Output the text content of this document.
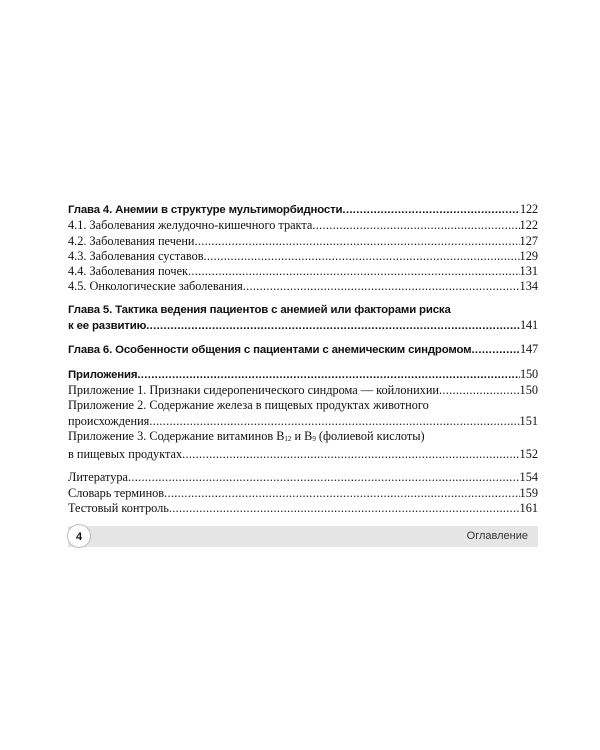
Глава 4. Анемии в структуре мультиморбидности .....	122
4.1. Заболевания желудочно-кишечного тракта .....	122
4.2. Заболевания печени .....	127
4.3. Заболевания суставов .....	129
4.4. Заболевания почек .....	131
4.5. Онкологические заболевания .....	134
Глава 5. Тактика ведения пациентов с анемией или факторами риска
к ее развитию .....	141
Глава 6. Особенности общения с пациентами с анемическим синдромом .....	147
Приложения .....	150
Приложение 1. Признаки сидеропенического синдрома — койлонихии .....	150
Приложение 2. Содержание железа в пищевых продуктах животного
происхождения .....	151
Приложение 3. Содержание витаминов $B_{12}$ и $B_9$ (фолиевой кислоты)
в пищевых продуктах .....	152
Литература .....	154
Словарь терминов .....	159
Тестовый контроль .....	161
4	Оглавление
